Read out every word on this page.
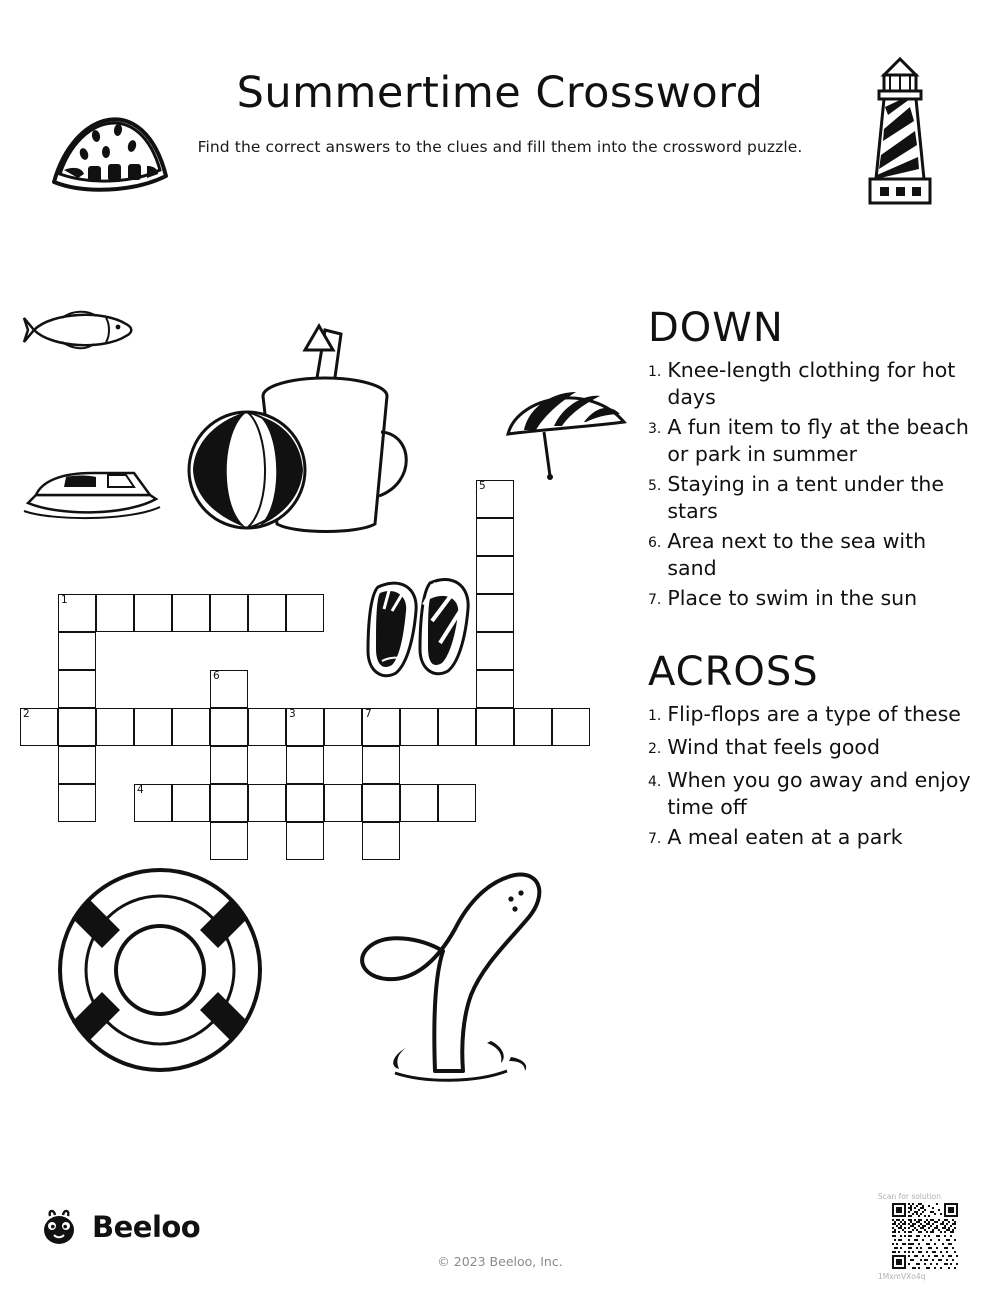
Summertime Crossword
Find the correct answers to the clues and fill them into the crossword puzzle.
1
6
2	3	7
4
5
DOWN
1. Knee-length clothing for hot days
3. A fun item to fly at the beach or park in summer
5. Staying in a tent under the stars
6. Area next to the sea with sand
7. Place to swim in the sun
ACROSS
1. Flip-flops are a type of these
2. Wind that feels good
4. When you go away and enjoy time off
7. A meal eaten at a park
Beeloo
© 2023 Beeloo, Inc.
Scan for solution
1MxmVXo4q
